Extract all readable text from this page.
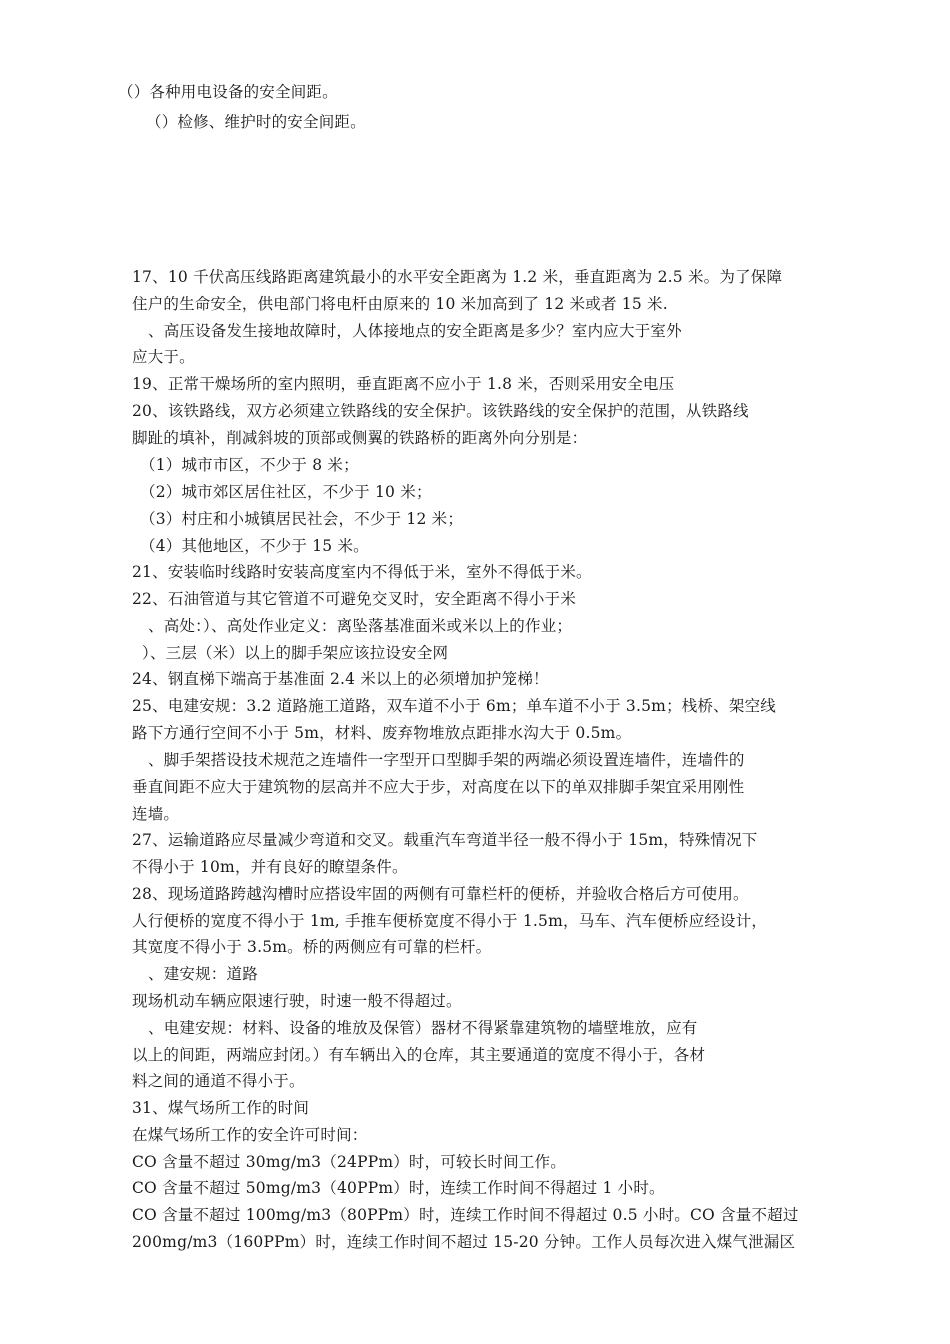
（）各种用电设备的安全间距。
（）检修、维护时的安全间距。
17、10 千伏高压线路距离建筑最小的水平安全距离为 1.2 米，垂直距离为 2.5 米。为了保障
住户的生命安全，供电部门将电杆由原来的 10 米加高到了 12 米或者 15 米.
、高压设备发生接地故障时，人体接地点的安全距离是多少？室内应大于室外
应大于。
19、正常干燥场所的室内照明，垂直距离不应小于 1.8 米，否则采用安全电压
20、该铁路线，双方必须建立铁路线的安全保护。该铁路线的安全保护的范围，从铁路线
脚趾的填补，削减斜坡的顶部或侧翼的铁路桥的距离外向分别是：
（1）城市市区，不少于 8 米；
（2）城市郊区居住社区，不少于 10 米；
（3）村庄和小城镇居民社会，不少于 12 米；
（4）其他地区，不少于 15 米。
21、安装临时线路时安装高度室内不得低于米，室外不得低于米。
22、石油管道与其它管道不可避免交叉时，安全距离不得小于米
、高处：）、高处作业定义：离坠落基准面米或米以上的作业；
）、三层（米）以上的脚手架应该拉设安全网
24、钢直梯下端高于基准面 2.4 米以上的必须增加护笼梯！
25、电建安规：3.2 道路施工道路，双车道不小于 6m；单车道不小于 3.5m；栈桥、架空线
路下方通行空间不小于 5m，材料、废弃物堆放点距排水沟大于 0.5m。
、脚手架搭设技术规范之连墙件一字型开口型脚手架的两端必须设置连墙件，连墙件的
垂直间距不应大于建筑物的层高并不应大于步，对高度在以下的单双排脚手架宜采用刚性
连墙。
27、运输道路应尽量减少弯道和交叉。载重汽车弯道半径一般不得小于 15m，特殊情况下
不得小于 10m，并有良好的瞭望条件。
28、现场道路跨越沟槽时应搭设牢固的两侧有可靠栏杆的便桥，并验收合格后方可使用。
人行便桥的宽度不得小于 1m, 手推车便桥宽度不得小于 1.5m，马车、汽车便桥应经设计，
其宽度不得小于 3.5m。桥的两侧应有可靠的栏杆。
、建安规：道路
现场机动车辆应限速行驶，时速一般不得超过。
、电建安规：材料、设备的堆放及保管）器材不得紧靠建筑物的墙壁堆放，应有
以上的间距，两端应封闭。）有车辆出入的仓库，其主要通道的宽度不得小于，各材
料之间的通道不得小于。
31、煤气场所工作的时间
在煤气场所工作的安全许可时间：
CO 含量不超过 30mg/m3（24PPm）时，可较长时间工作。
CO 含量不超过 50mg/m3（40PPm）时，连续工作时间不得超过 1 小时。
CO 含量不超过 100mg/m3（80PPm）时，连续工作时间不得超过 0.5 小时。CO 含量不超过
200mg/m3（160PPm）时，连续工作时间不超过 15-20 分钟。工作人员每次进入煤气泄漏区
